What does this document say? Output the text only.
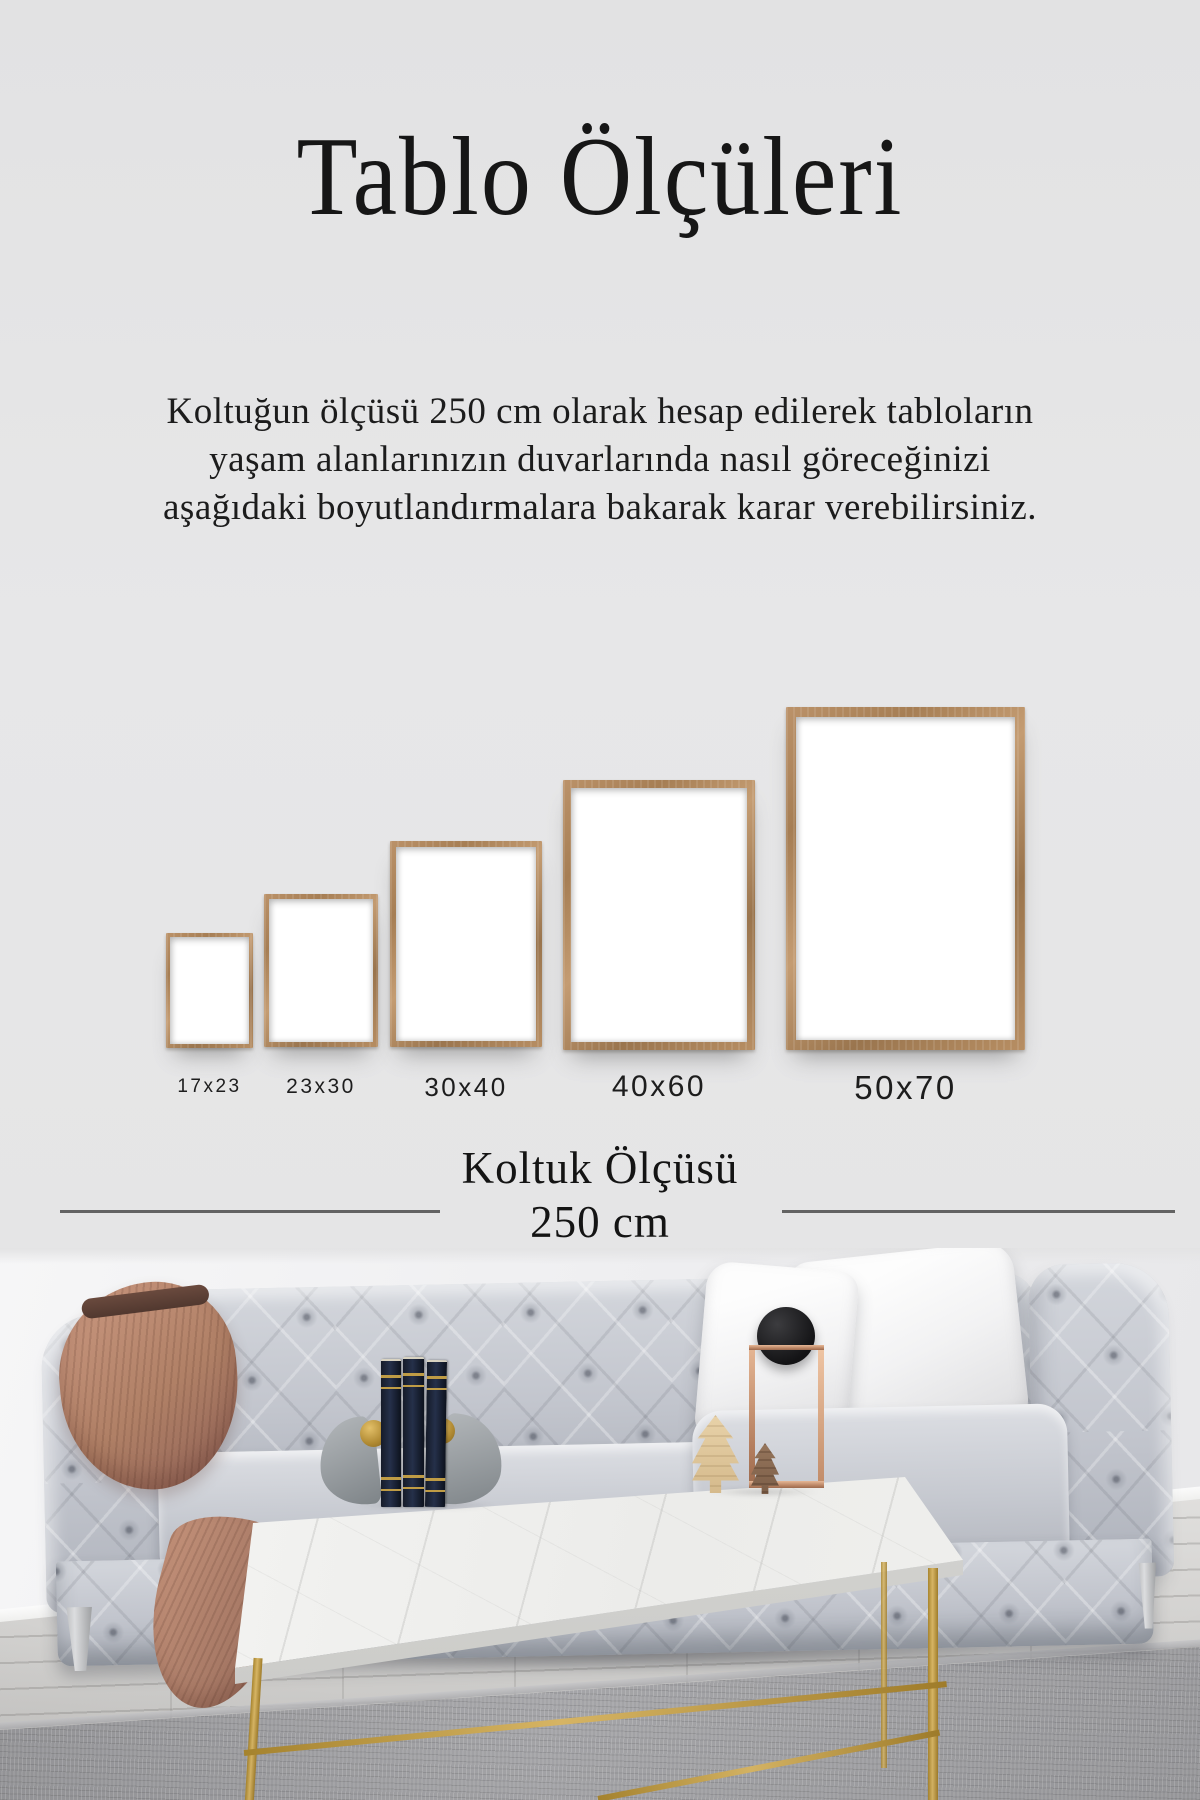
Tablo Ölçüleri

Koltuğun ölçüsü 250 cm olarak hesap edilerek tabloların

yaşam alanlarınızın duvarlarında nasıl göreceğinizi

aşağıdaki boyutlandırmalara bakarak karar verebilirsiniz.

17x23 23x30	30x40	40x60	50x70
Koltuk Ölçüsü
250 cm
